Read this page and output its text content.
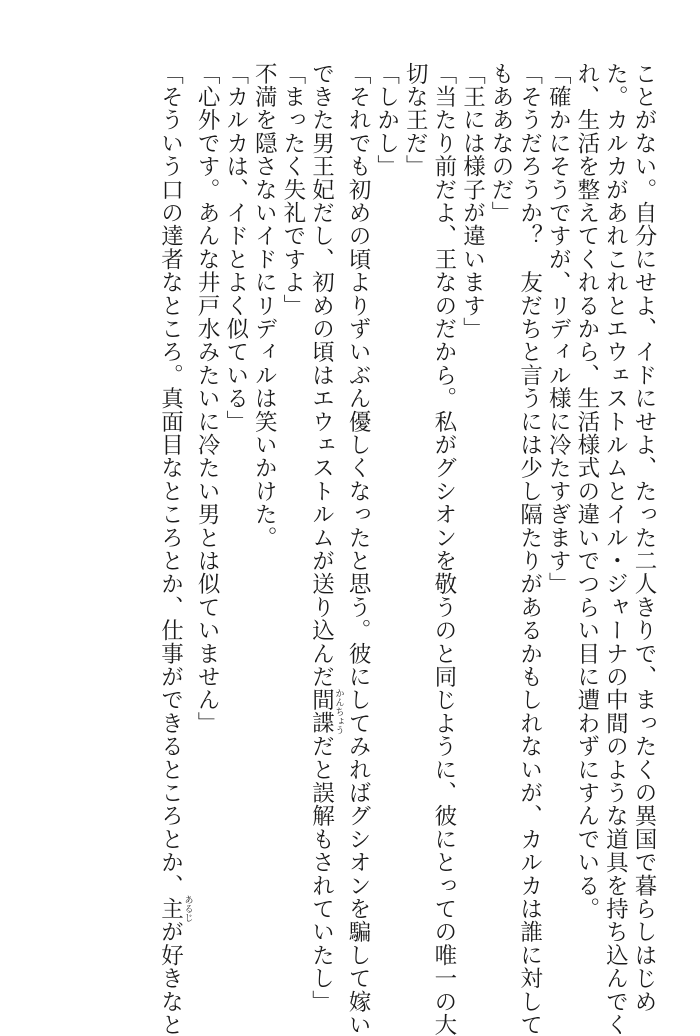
ことがない。自分にせよ、イドにせよ、たった二人きりで、まったくの異国で暮らしはじめ
た。カルカがあれこれとエウェストルムとイル・ジャーナの中間のような道具を持ち込んでく
れ、生活を整えてくれるから、生活様式の違いでつらい目に遭わずにすんでいる。
「確かにそうですが、リディル様に冷たすぎます」
「そうだろうか？　友だちと言うには少し隔たりがあるかもしれないが、カルカは誰に対して
もああなのだ」
「王には様子が違います」
「当たり前だよ、王なのだから。私がグシオンを敬うのと同じように、彼にとっての唯一の大
切な王だ」
「しかし」
「それでも初めの頃よりずいぶん優しくなったと思う。彼にしてみればグシオンを騙して嫁い
できた男王妃だし、初めの頃はエウェストルムが送り込んだ間諜 かんちょうだと誤解もされていたし」
「まったく失礼ですよ」
不満を隠さないイドにリディルは笑いかけた。
「カルカは、イドとよく似ている」
「心外です。あんな井戸水みたいに冷たい男とは似ていません」
「そういう口の達者なところ。真面目なところとか、仕事ができるところとか、主 あるじが好きなと
